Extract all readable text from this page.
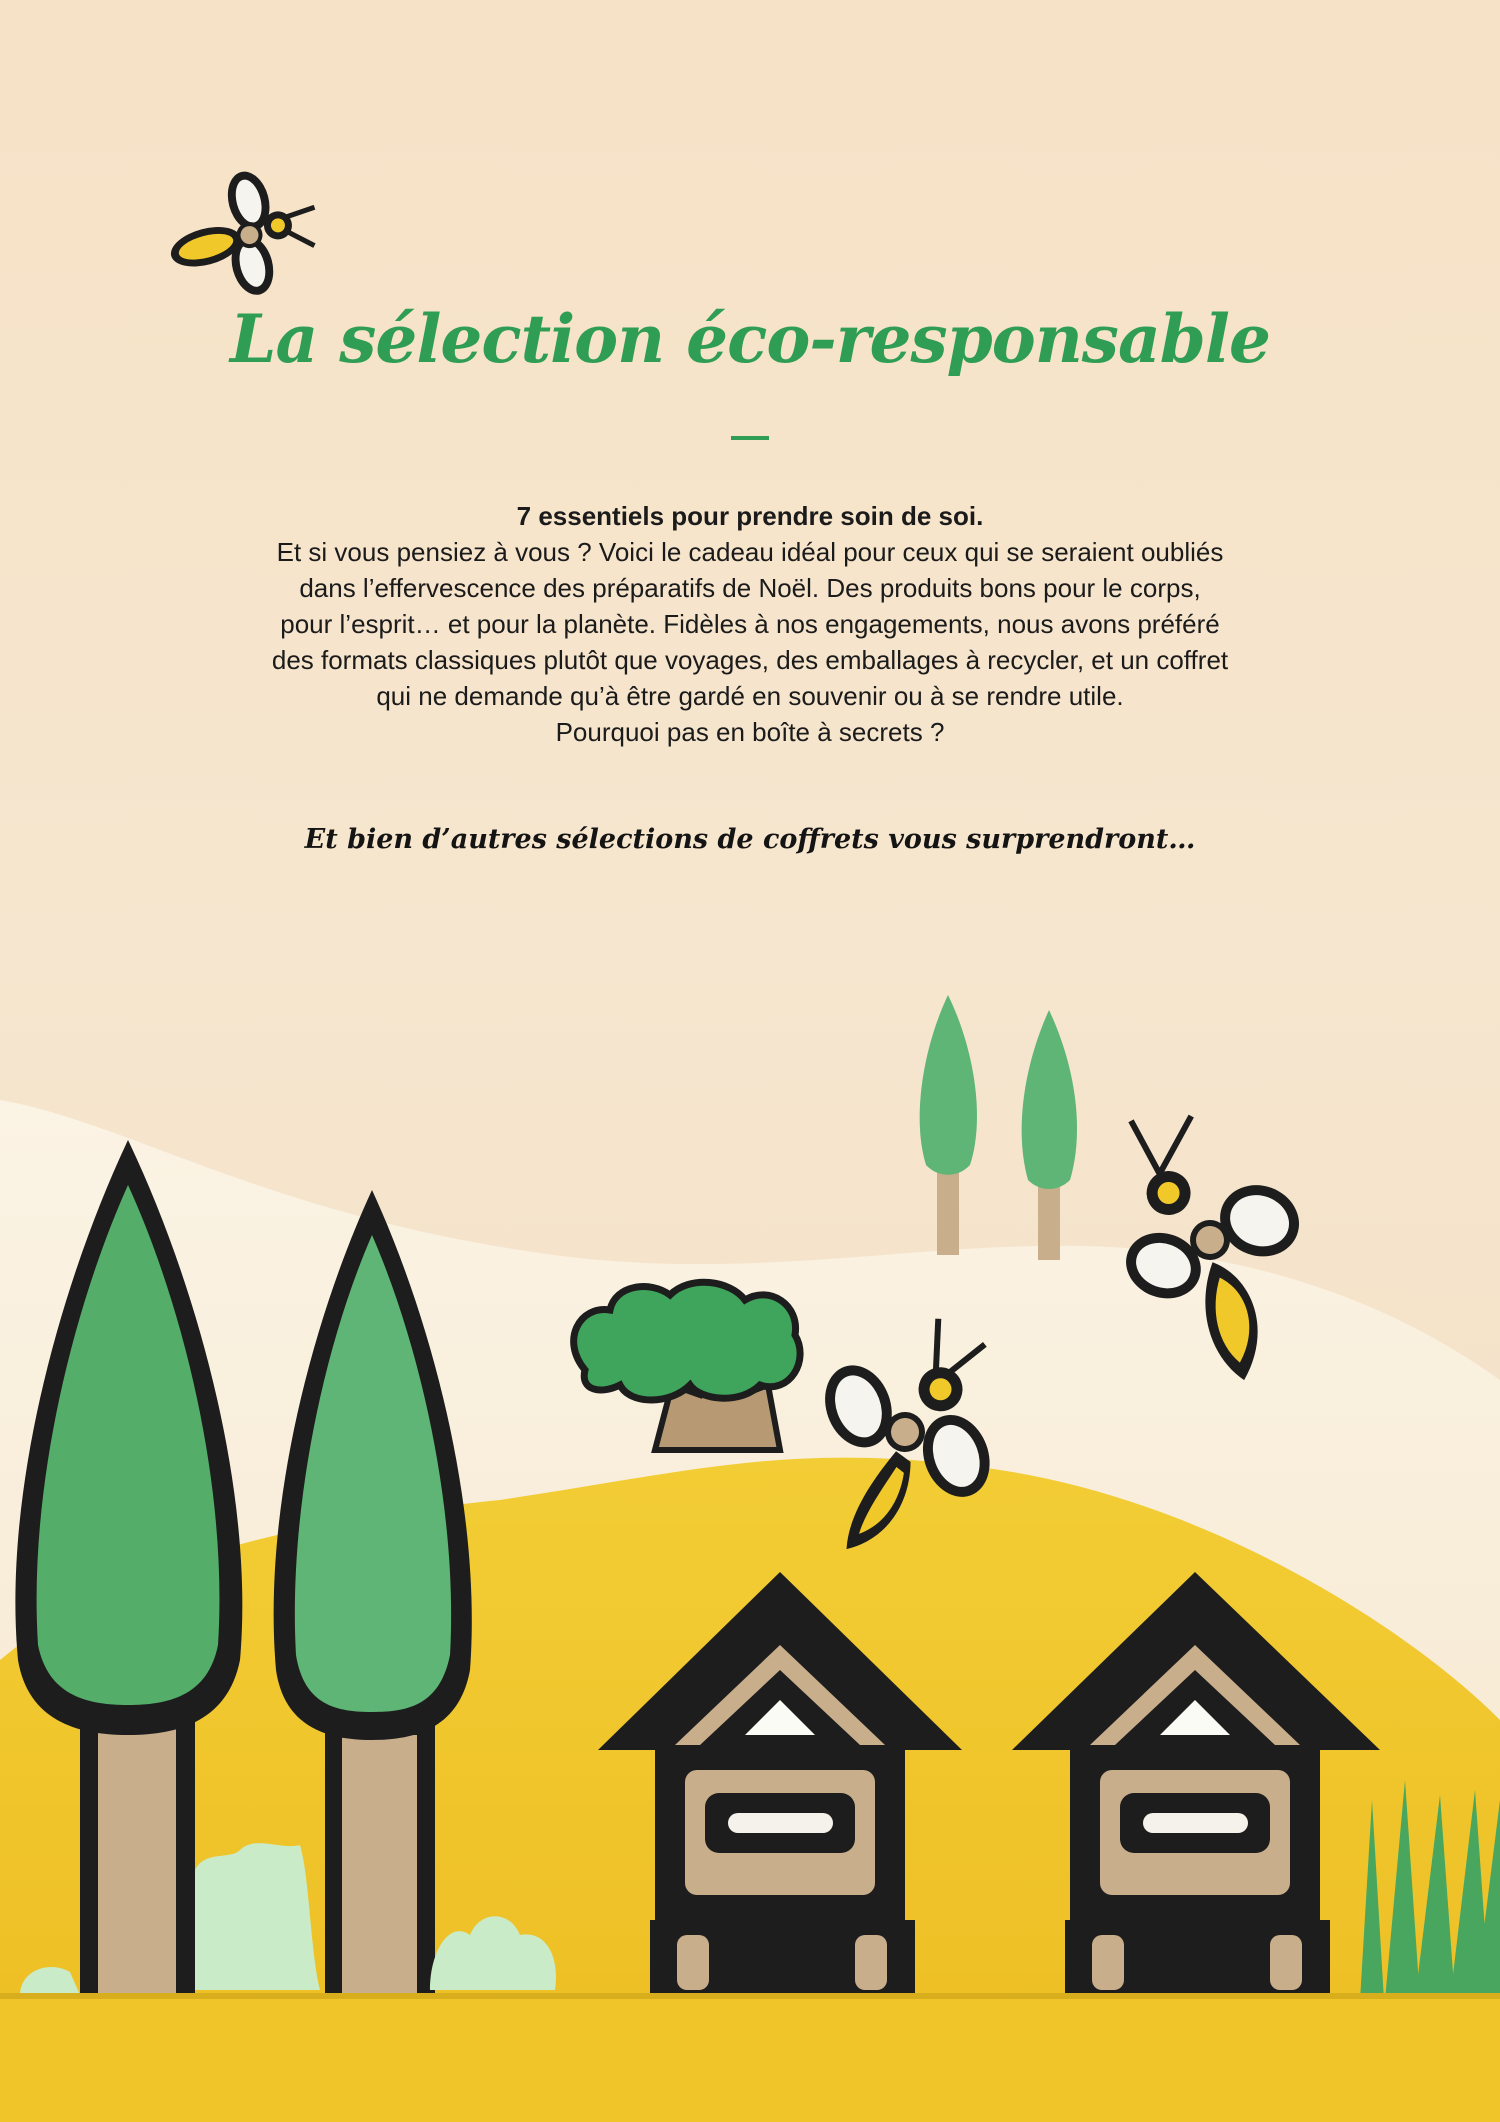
La sélection éco-responsable
7 essentiels pour prendre soin de soi.
Et si vous pensiez à vous ? Voici le cadeau idéal pour ceux qui se seraient oubliés dans l’effervescence des préparatifs de Noël. Des produits bons pour le corps, pour l’esprit… et pour la planète. Fidèles à nos engagements, nous avons préféré des formats classiques plutôt que voyages, des emballages à recycler, et un coffret qui ne demande qu’à être gardé en souvenir ou à se rendre utile.
Pourquoi pas en boîte à secrets ?

Et bien d’autres sélections de coffrets vous surprendront…
